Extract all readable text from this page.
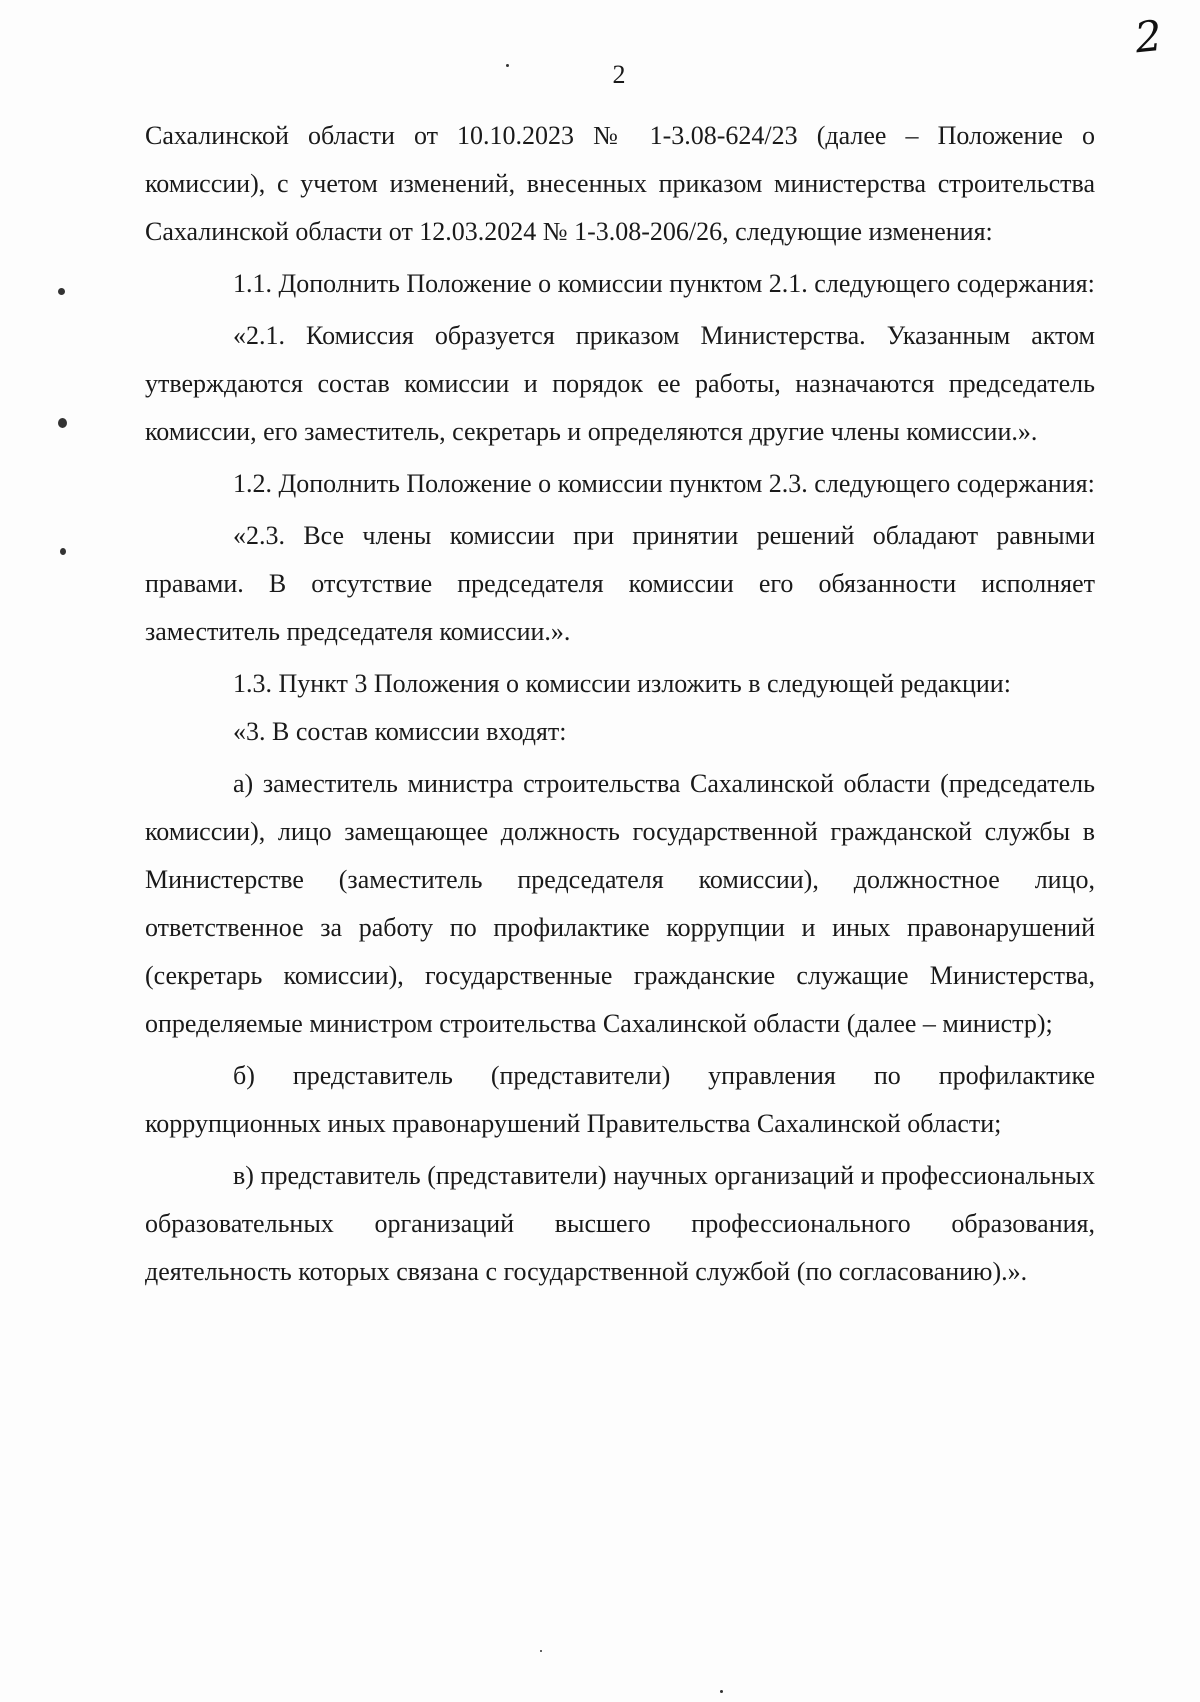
2
2

Сахалинской области от 10.10.2023 № 1-3.08-624/23 (далее – Положение о комиссии), с учетом изменений, внесенных приказом министерства строительства Сахалинской области от 12.03.2024 № 1-3.08-206/26, следующие изменения:

1.1. Дополнить Положение о комиссии пунктом 2.1. следующего содержания:

«2.1. Комиссия образуется приказом Министерства. Указанным актом утверждаются состав комиссии и порядок ее работы, назначаются председатель комиссии, его заместитель, секретарь и определяются другие члены комиссии.».

1.2. Дополнить Положение о комиссии пунктом 2.3. следующего содержания:

«2.3. Все члены комиссии при принятии решений обладают равными правами. В отсутствие председателя комиссии его обязанности исполняет заместитель председателя комиссии.».

1.3. Пункт 3 Положения о комиссии изложить в следующей редакции:

«3. В состав комиссии входят:

а) заместитель министра строительства Сахалинской области (председатель комиссии), лицо замещающее должность государственной гражданской службы в Министерстве (заместитель председателя комиссии), должностное лицо, ответственное за работу по профилактике коррупции и иных правонарушений (секретарь комиссии), государственные гражданские служащие Министерства, определяемые министром строительства Сахалинской области (далее – министр);

б) представитель (представители) управления по профилактике коррупционных иных правонарушений Правительства Сахалинской области;

в) представитель (представители) научных организаций и профессиональных образовательных организаций высшего профессионального образования, деятельность которых связана с государственной службой (по согласованию).».
